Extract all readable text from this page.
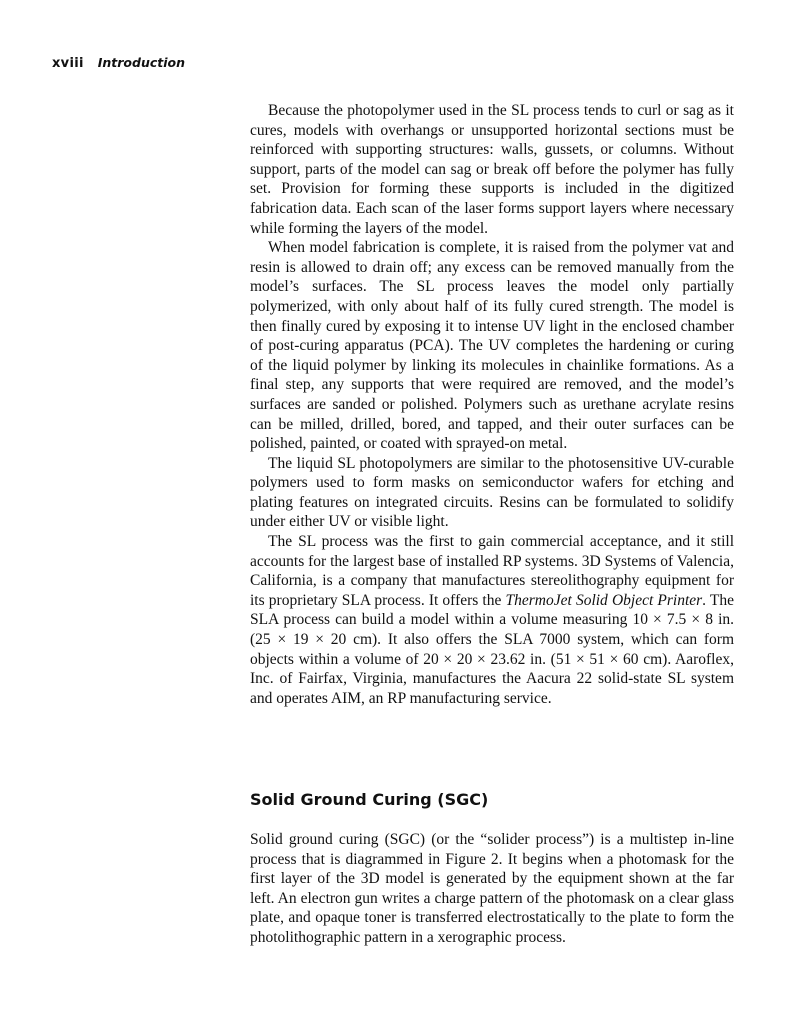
xviii Introduction

Because the photopolymer used in the SL process tends to curl or sag as it cures, models with overhangs or unsupported horizontal sections must be reinforced with supporting structures: walls, gussets, or columns. Without support, parts of the model can sag or break off before the polymer has fully set. Provision for forming these supports is included in the digitized fabrication data. Each scan of the laser forms support layers where necessary while forming the layers of the model.

When model fabrication is complete, it is raised from the polymer vat and resin is allowed to drain off; any excess can be removed manually from the model’s surfaces. The SL process leaves the model only partially polymerized, with only about half of its fully cured strength. The model is then finally cured by exposing it to intense UV light in the enclosed chamber of post-curing apparatus (PCA). The UV completes the hardening or curing of the liquid polymer by linking its molecules in chainlike formations. As a final step, any supports that were required are removed, and the model’s surfaces are sanded or polished. Polymers such as urethane acrylate resins can be milled, drilled, bored, and tapped, and their outer surfaces can be polished, painted, or coated with sprayed-on metal.

The liquid SL photopolymers are similar to the photosensitive UV-curable polymers used to form masks on semiconductor wafers for etching and plating features on integrated circuits. Resins can be formulated to solidify under either UV or visible light.

The SL process was the first to gain commercial acceptance, and it still accounts for the largest base of installed RP systems. 3D Systems of Valencia, California, is a company that manufactures stereolithography equipment for its proprietary SLA process. It offers the ThermoJet Solid Object Printer. The SLA process can build a model within a volume measuring 10 × 7.5 × 8 in. (25 × 19 × 20 cm). It also offers the SLA 7000 system, which can form objects within a volume of 20 × 20 × 23.62 in. (51 × 51 × 60 cm). Aaroflex, Inc. of Fairfax, Virginia, manufactures the Aacura 22 solid-state SL system and operates AIM, an RP manufacturing service.

Solid Ground Curing (SGC)

Solid ground curing (SGC) (or the “solider process”) is a multistep in-line process that is diagrammed in Figure 2. It begins when a photomask for the first layer of the 3D model is generated by the equipment shown at the far left. An electron gun writes a charge pattern of the photomask on a clear glass plate, and opaque toner is transferred electrostatically to the plate to form the photolithographic pattern in a xerographic process.
